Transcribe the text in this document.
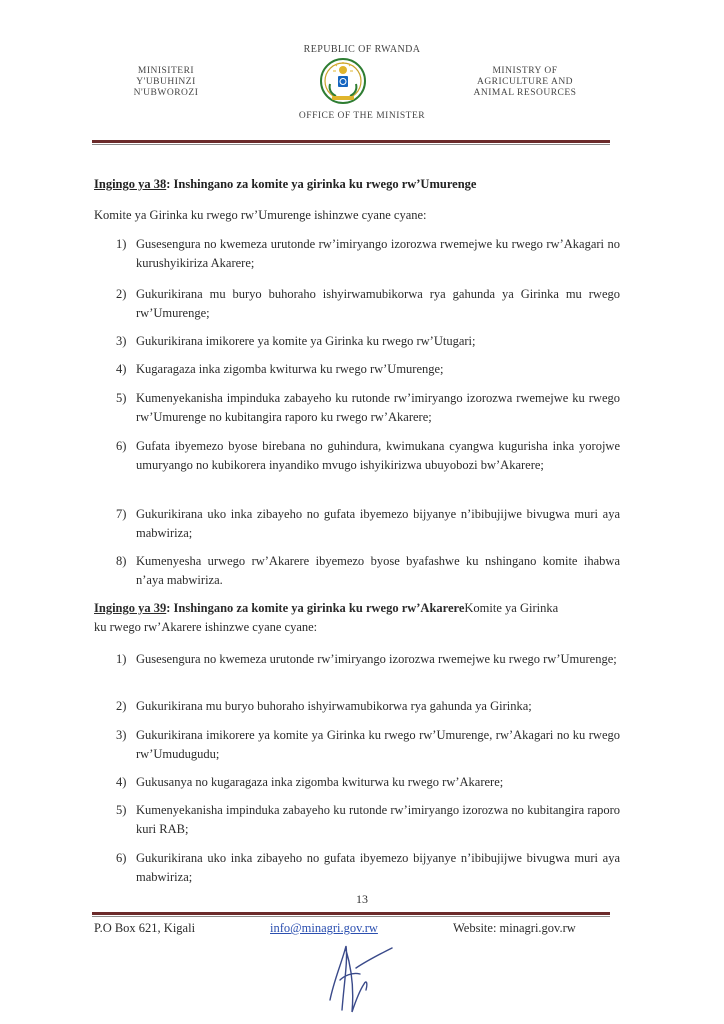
REPUBLIC OF RWANDA
MINISITERI
Y'UBUHINZI
N'UBWOROZI
MINISTRY OF
AGRICULTURE AND
ANIMAL RESOURCES
OFFICE OF THE MINISTER
Ingingo ya 38: Inshingano za komite ya girinka ku rwego rw’Umurenge
Komite ya Girinka ku rwego rw’Umurenge ishinzwe cyane cyane:
1) Gusesengura no kwemeza urutonde rw’imiryango izorozwa rwemejwe ku rwego rw’Akagari no kurushyikiriza Akarere;
2) Gukurikirana mu buryo buhoraho ishyirwamubikorwa rya gahunda ya Girinka mu rwego rw’Umurenge;
3) Gukurikirana imikorere ya komite ya Girinka ku rwego rw’Utugari;
4) Kugaragaza inka zigomba kwiturwa ku rwego rw’Umurenge;
5) Kumenyekanisha impinduka zabayeho ku rutonde rw’imiryango izorozwa rwemejwe ku rwego rw’Umurenge no kubitangira raporo ku rwego rw’Akarere;
6) Gufata ibyemezo byose birebana no guhindura, kwimukana cyangwa kugurisha inka yorojwe umuryango no kubikorera inyandiko mvugo ishyikirizwa ubuyobozi bw’Akarere;
7) Gukurikirana uko inka zibayeho no gufata ibyemezo bijyanye n’ibibujijwe bivugwa muri aya mabwiriza;
8) Kumenyesha urwego rw’Akarere ibyemezo byose byafashwe ku nshingano komite ihabwa n’aya mabwiriza.
Ingingo ya 39: Inshingano za komite ya girinka ku rwego rw’AkarereKomite ya Girinka
ku rwego rw’Akarere ishinzwe cyane cyane:
1) Gusesengura no kwemeza urutonde rw’imiryango izorozwa rwemejwe ku rwego rw’Umurenge;
2) Gukurikirana mu buryo buhoraho ishyirwamubikorwa rya gahunda ya Girinka;
3) Gukurikirana imikorere ya komite ya Girinka ku rwego rw’Umurenge, rw’Akagari no ku rwego rw’Umudugudu;
4) Gukusanya no kugaragaza inka zigomba kwiturwa ku rwego rw’Akarere;
5) Kumenyekanisha impinduka zabayeho ku rutonde rw’imiryango izorozwa no kubitangira raporo kuri RAB;
6) Gukurikirana uko inka zibayeho no gufata ibyemezo bijyanye n’ibibujijwe bivugwa muri aya mabwiriza;
13
P.O Box 621, Kigali	info@minagri.gov.rw	Website: minagri.gov.rw
